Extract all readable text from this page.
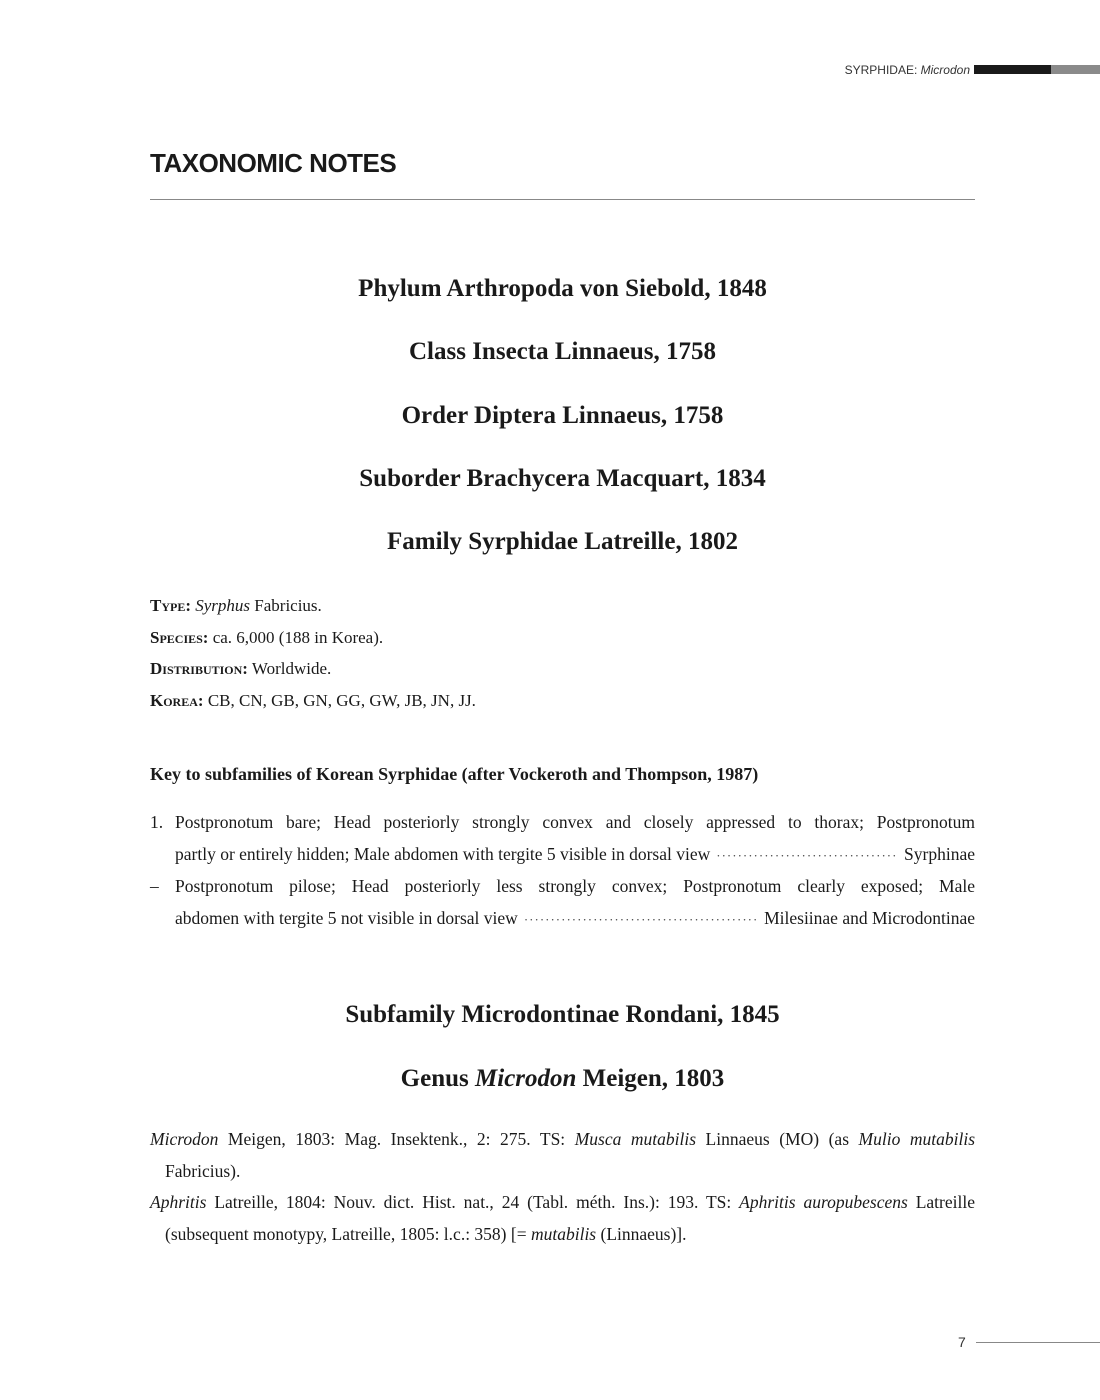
SYRPHIDAE: Microdon
TAXONOMIC NOTES
Phylum Arthropoda von Siebold, 1848
Class Insecta Linnaeus, 1758
Order Diptera Linnaeus, 1758
Suborder Brachycera Macquart, 1834
Family Syrphidae Latreille, 1802
Type: Syrphus Fabricius.
Species: ca. 6,000 (188 in Korea).
Distribution: Worldwide.
Korea: CB, CN, GB, GN, GG, GW, JB, JN, JJ.
Key to subfamilies of Korean Syrphidae (after Vockeroth and Thompson, 1987)
1. Postpronotum bare; Head posteriorly strongly convex and closely appressed to thorax; Postpronotum
partly or entirely hidden; Male abdomen with tergite 5 visible in dorsal view ·····	Syrphinae
– Postpronotum pilose; Head posteriorly less strongly convex; Postpronotum clearly exposed; Male
abdomen with tergite 5 not visible in dorsal view ·····	Milesiinae and Microdontinae
Subfamily Microdontinae Rondani, 1845
Genus Microdon Meigen, 1803
Microdon Meigen, 1803: Mag. Insektenk., 2: 275. TS: Musca mutabilis Linnaeus (MO) (as Mulio mutabilis Fabricius).
Aphritis Latreille, 1804: Nouv. dict. Hist. nat., 24 (Tabl. méth. Ins.): 193. TS: Aphritis auropubescens Latreille (subsequent monotypy, Latreille, 1805: l.c.: 358) [= mutabilis (Linnaeus)].
7
